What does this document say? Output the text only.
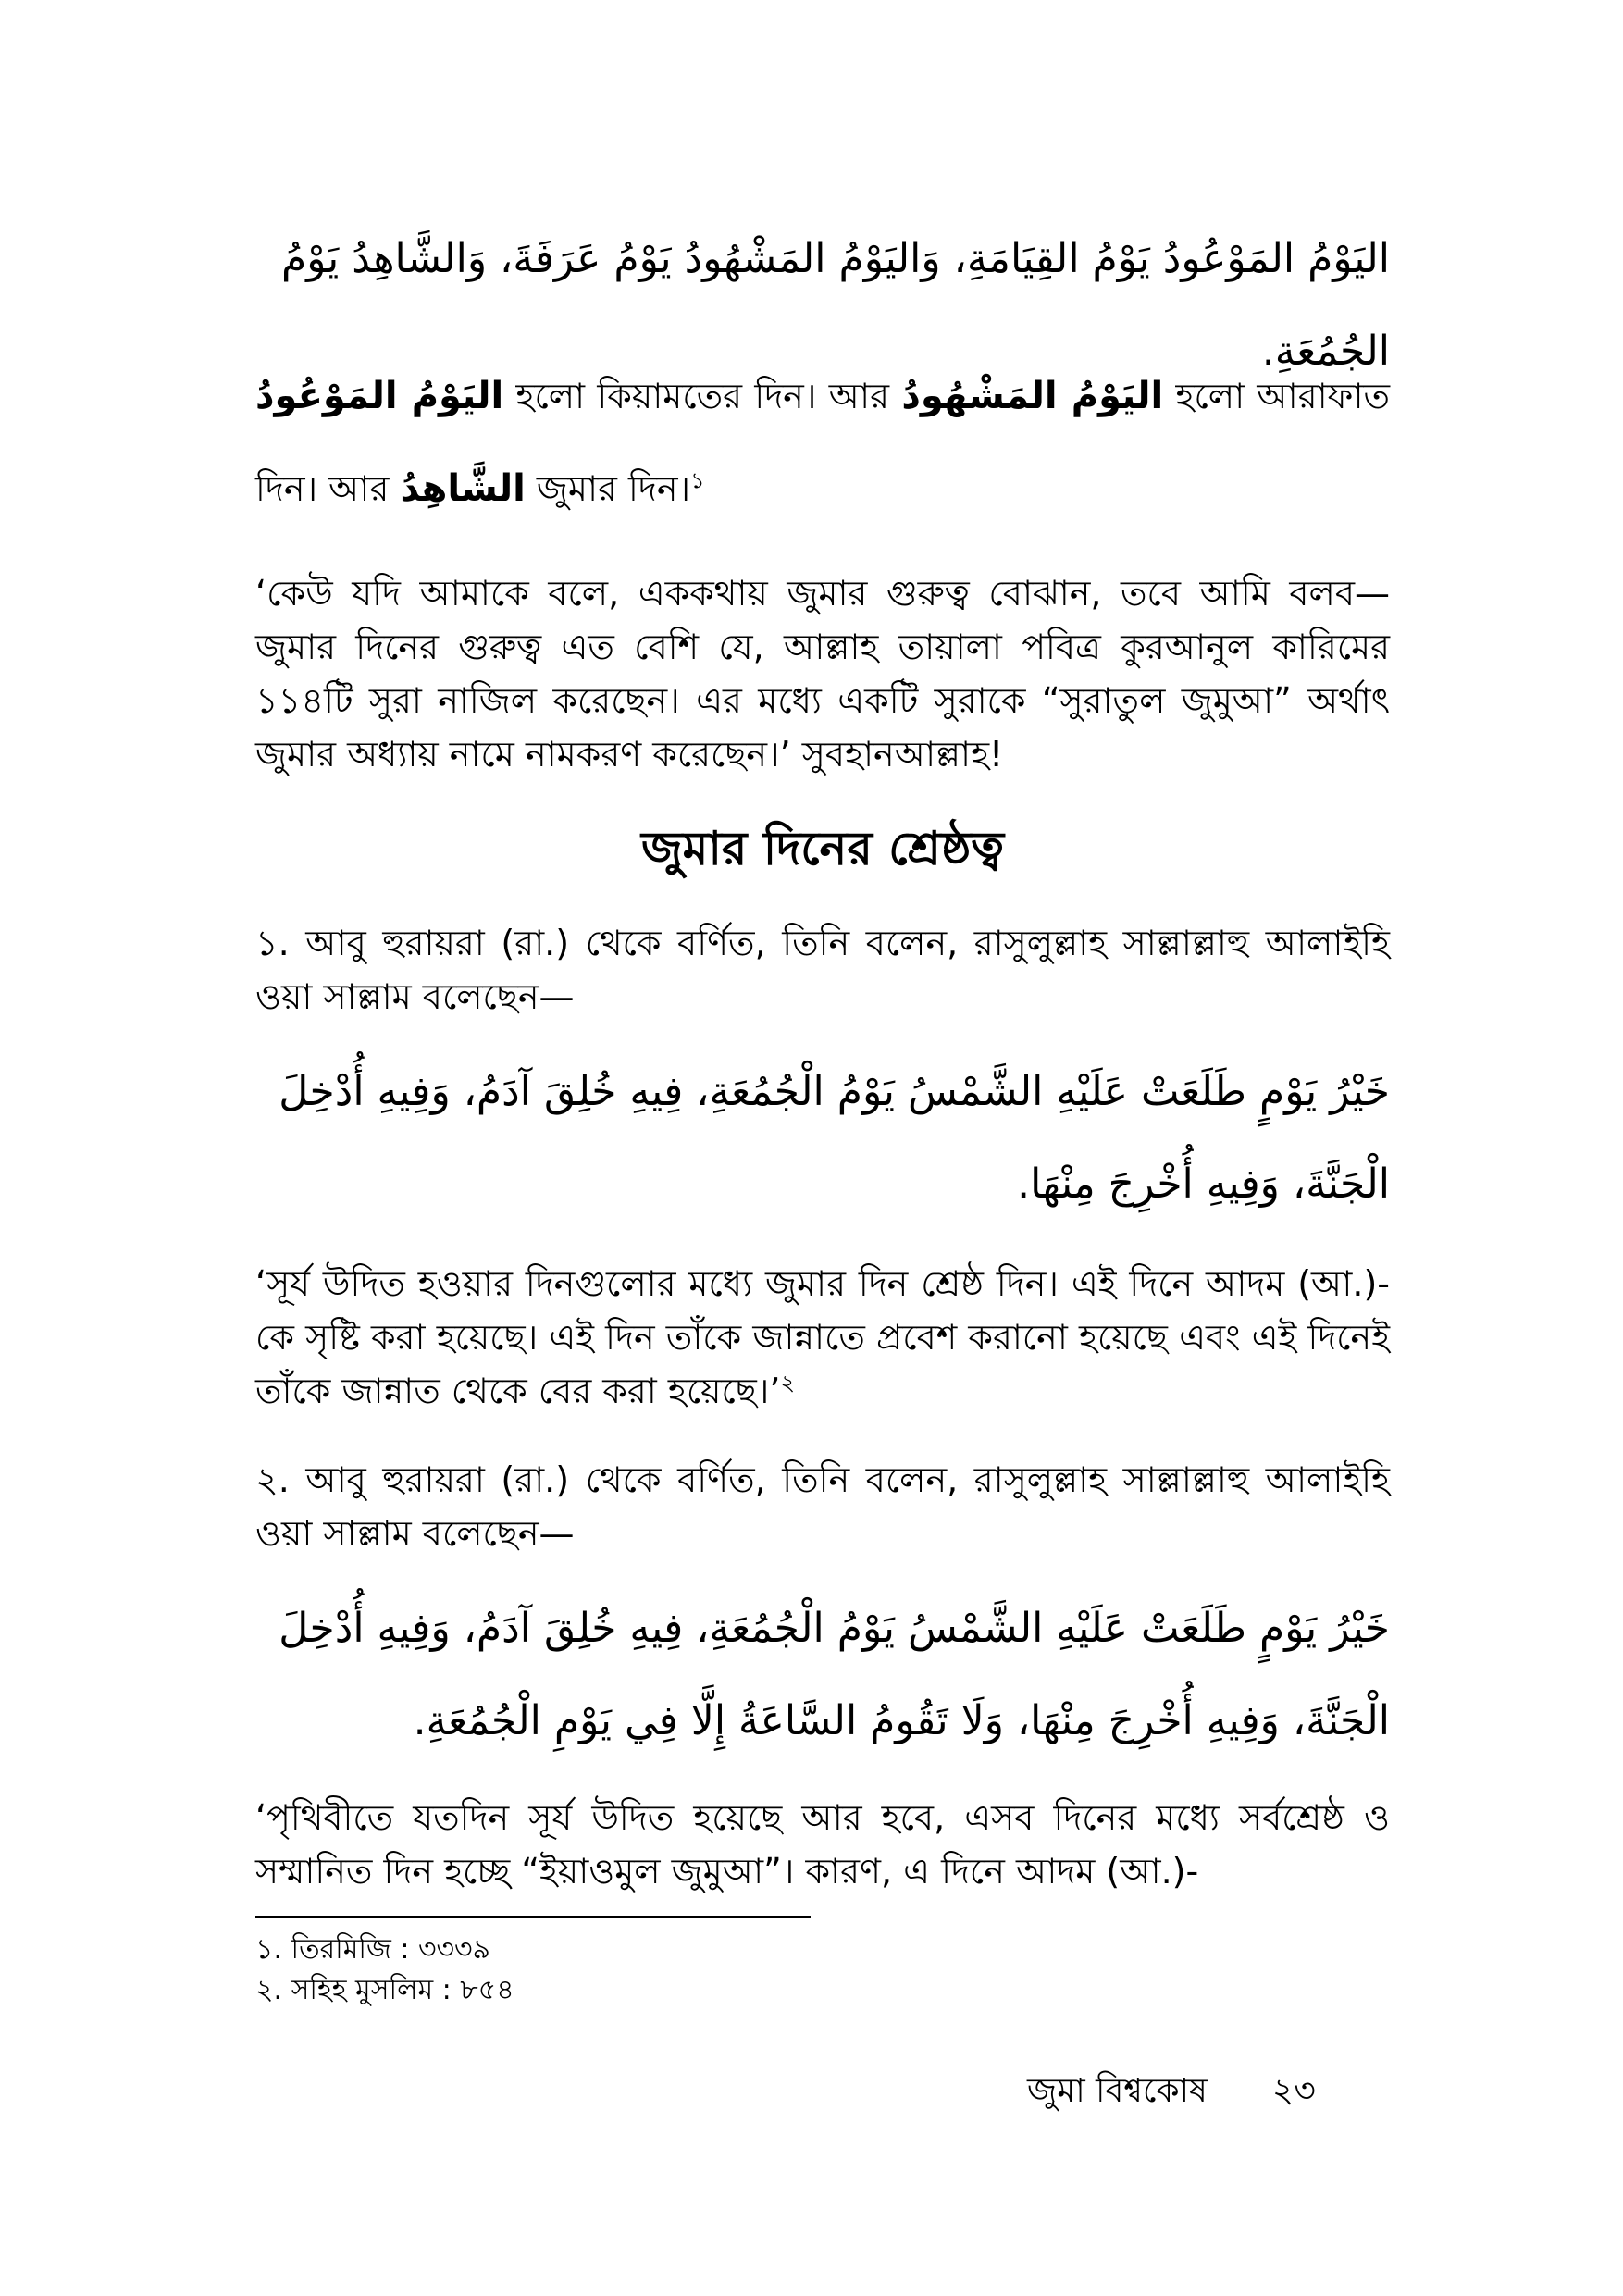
اليَوْمُ المَوْعُودُ يَوْمُ القِيَامَةِ، وَاليَوْمُ المَشْهُودُ يَوْمُ عَرَفَةَ، وَالشَّاهِدُ يَوْمُ الجُمُعَةِ.
اليَوْمُ المَوْعُودُ হলো কিয়ামতের দিন। আর اليَوْمُ المَشْهُودُ হলো আরাফাত দিন। আর الشَّاهِدُ জুমার দিন।$^১$
‘কেউ যদি আমাকে বলে, এককথায় জুমার গুরুত্ব বোঝান, তবে আমি বলব—জুমার দিনের গুরুত্ব এত বেশি যে, আল্লাহ তায়ালা পবিত্র কুরআনুল কারিমের ১১৪টি সুরা নাজিল করেছেন। এর মধ্যে একটি সুরাকে “সুরাতুল জুমুআ” অর্থাৎ জুমার অধ্যায় নামে নামকরণ করেছেন।’ সুবহানআল্লাহ!
জুমার দিনের শ্রেষ্ঠত্ব
১. আবু হুরায়রা (রা.) থেকে বর্ণিত, তিনি বলেন, রাসুলুল্লাহ সাল্লাল্লাহু আলাইহি ওয়া সাল্লাম বলেছেন—
خَيْرُ يَوْمٍ طَلَعَتْ عَلَيْهِ الشَّمْسُ يَوْمُ الْجُمُعَةِ، فِيهِ خُلِقَ آدَمُ، وَفِيهِ أُدْخِلَ الْجَنَّةَ، وَفِيهِ أُخْرِجَ مِنْهَا.
‘সূর্য উদিত হওয়ার দিনগুলোর মধ্যে জুমার দিন শ্রেষ্ঠ দিন। এই দিনে আদম (আ.)-কে সৃষ্টি করা হয়েছে। এই দিন তাঁকে জান্নাতে প্রবেশ করানো হয়েছে এবং এই দিনেই তাঁকে জান্নাত থেকে বের করা হয়েছে।’$^২$
২. আবু হুরায়রা (রা.) থেকে বর্ণিত, তিনি বলেন, রাসুলুল্লাহ সাল্লাল্লাহু আলাইহি ওয়া সাল্লাম বলেছেন—
خَيْرُ يَوْمٍ طَلَعَتْ عَلَيْهِ الشَّمْسُ يَوْمُ الْجُمُعَةِ، فِيهِ خُلِقَ آدَمُ، وَفِيهِ أُدْخِلَ الْجَنَّةَ، وَفِيهِ أُخْرِجَ مِنْهَا، وَلَا تَقُومُ السَّاعَةُ إِلَّا فِي يَوْمِ الْجُمُعَةِ.
‘পৃথিবীতে যতদিন সূর্য উদিত হয়েছে আর হবে, এসব দিনের মধ্যে সর্বশ্রেষ্ঠ ও সম্মানিত দিন হচ্ছে “ইয়াওমুল জুমুআ”। কারণ, এ দিনে আদম (আ.)-
১. তিরমিজি : ৩৩৩৯
২. সহিহ মুসলিম : ৮৫৪
জুমা বিশ্বকোষ ২৩
